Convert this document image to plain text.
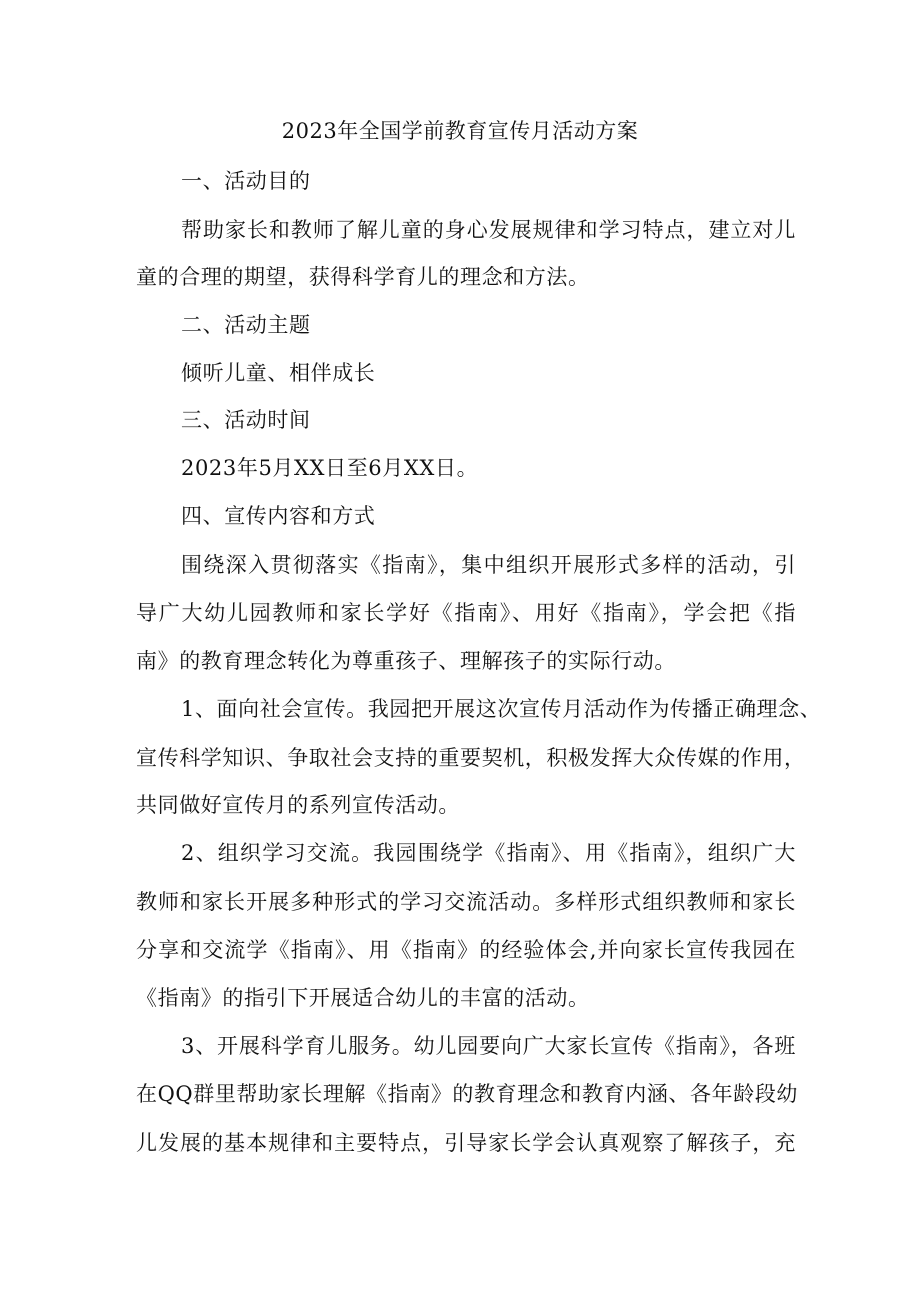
2023年全国学前教育宣传月活动方案
一、活动目的
帮助家长和教师了解儿童的身心发展规律和学习特点，建立对儿
童的合理的期望，获得科学育儿的理念和方法。
二、活动主题
倾听儿童、相伴成长
三、活动时间
2023年5月XX日至6月XX日。
四、宣传内容和方式
围绕深入贯彻落实《指南》，集中组织开展形式多样的活动，引
导广大幼儿园教师和家长学好《指南》、用好《指南》，学会把《指
南》的教育理念转化为尊重孩子、理解孩子的实际行动。
1、面向社会宣传。我园把开展这次宣传月活动作为传播正确理念、
宣传科学知识、争取社会支持的重要契机，积极发挥大众传媒的作用，
共同做好宣传月的系列宣传活动。
2、组织学习交流。我园围绕学《指南》、用《指南》，组织广大
教师和家长开展多种形式的学习交流活动。多样形式组织教师和家长
分享和交流学《指南》、用《指南》的经验体会,并向家长宣传我园在
《指南》的指引下开展适合幼儿的丰富的活动。
3、开展科学育儿服务。幼儿园要向广大家长宣传《指南》，各班
在QQ群里帮助家长理解《指南》的教育理念和教育内涵、各年龄段幼
儿发展的基本规律和主要特点，引导家长学会认真观察了解孩子，充
